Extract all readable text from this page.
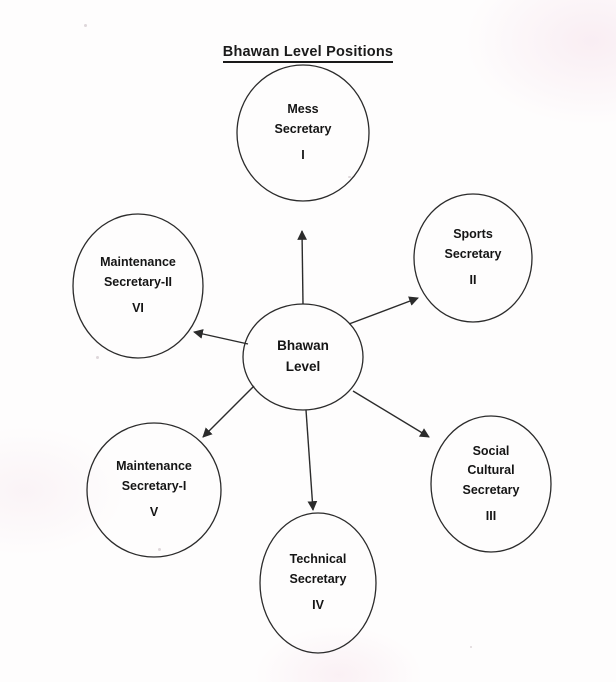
Bhawan Level Positions
Bhawan
Level
Mess
Secretary
I
Sports
Secretary
II
Social
Cultural
Secretary
III
Technical
Secretary
IV
Maintenance
Secretary-I
V
Maintenance
Secretary-II
VI
